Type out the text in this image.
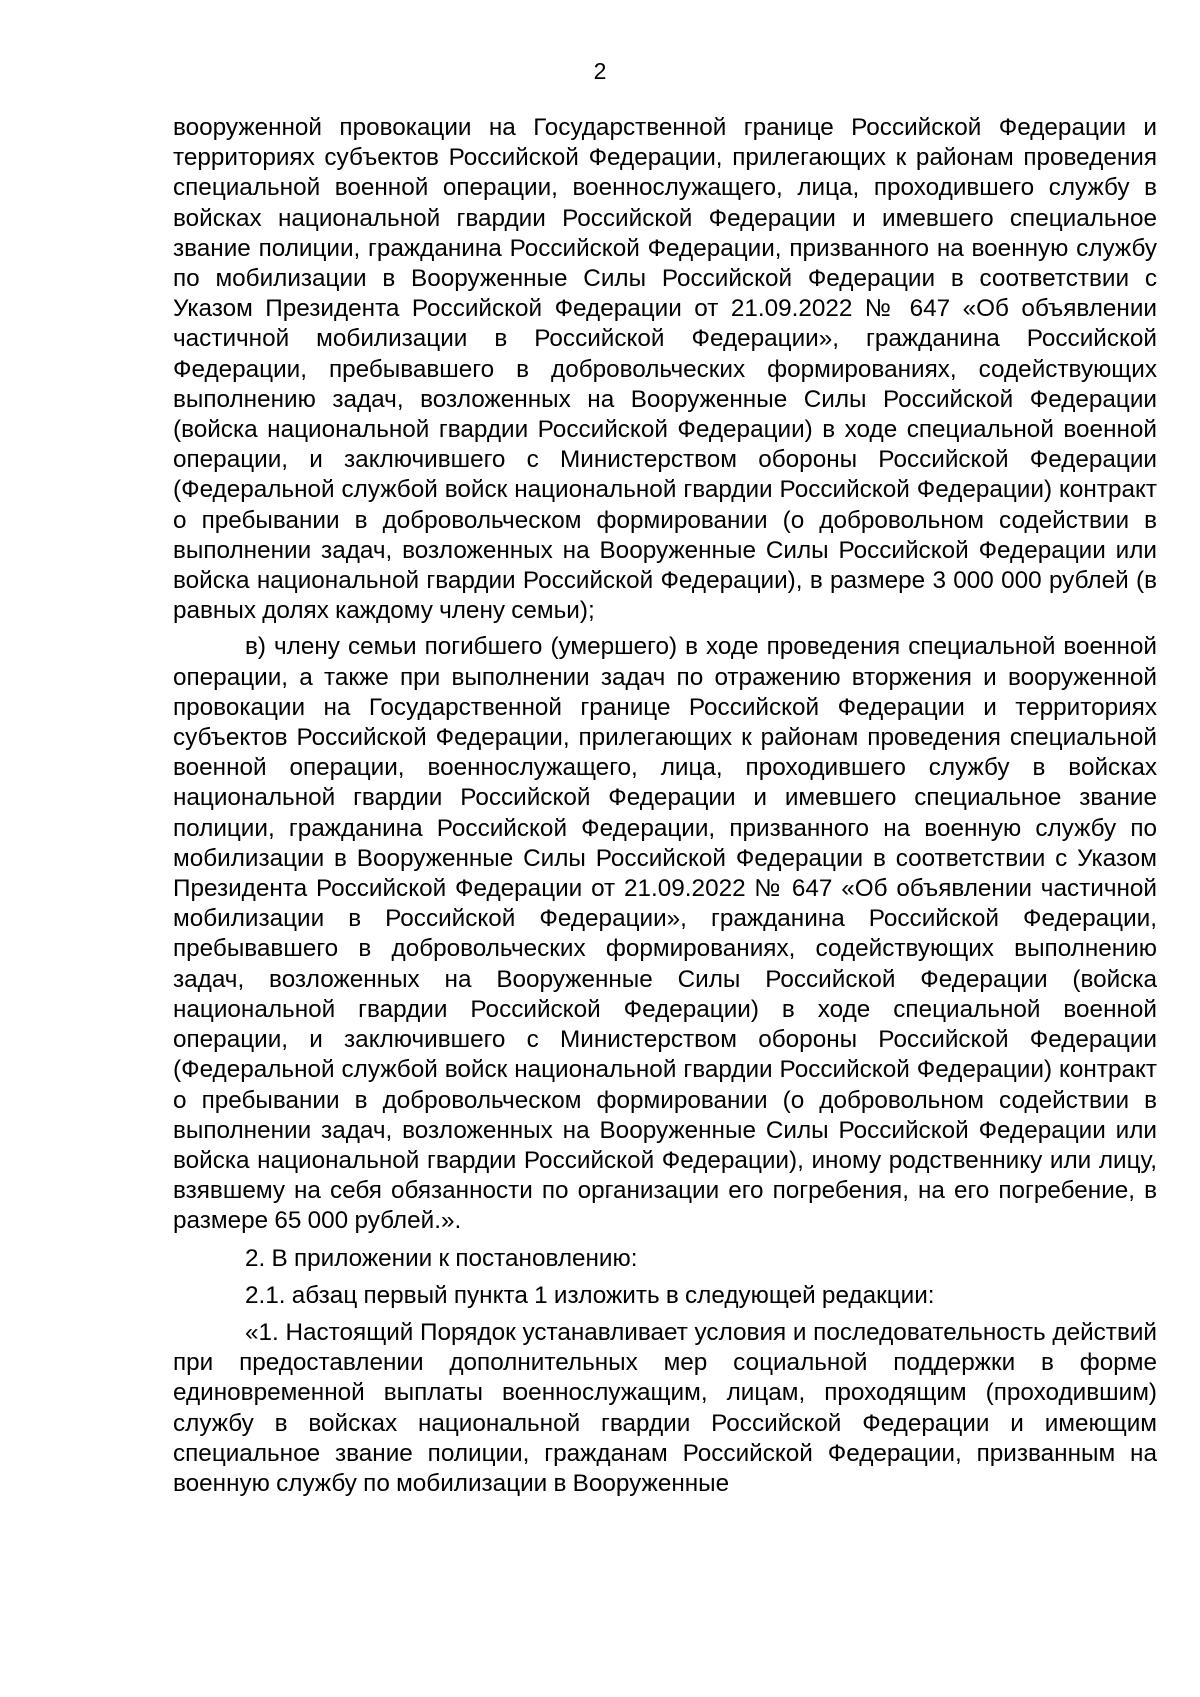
2

вооруженной провокации на Государственной границе Российской Федерации и территориях субъектов Российской Федерации, прилегающих к районам проведения специальной военной операции, военнослужащего, лица, проходившего службу в войсках национальной гвардии Российской Федерации и имевшего специальное звание полиции, гражданина Российской Федерации, призванного на военную службу по мобилизации в Вооруженные Силы Российской Федерации в соответствии с Указом Президента Российской Федерации от 21.09.2022 № 647 «Об объявлении частичной мобилизации в Российской Федерации», гражданина Российской Федерации, пребывавшего в добровольческих формированиях, содействующих выполнению задач, возложенных на Вооруженные Силы Российской Федерации (войска национальной гвардии Российской Федерации) в ходе специальной военной операции, и заключившего с Министерством обороны Российской Федерации (Федеральной службой войск национальной гвардии Российской Федерации) контракт о пребывании в добровольческом формировании (о добровольном содействии в выполнении задач, возложенных на Вооруженные Силы Российской Федерации или войска национальной гвардии Российской Федерации), в размере 3 000 000 рублей (в равных долях каждому члену семьи);

в) члену семьи погибшего (умершего) в ходе проведения специальной военной операции, а также при выполнении задач по отражению вторжения и вооруженной провокации на Государственной границе Российской Федерации и территориях субъектов Российской Федерации, прилегающих к районам проведения специальной военной операции, военнослужащего, лица, проходившего службу в войсках национальной гвардии Российской Федерации и имевшего специальное звание полиции, гражданина Российской Федерации, призванного на военную службу по мобилизации в Вооруженные Силы Российской Федерации в соответствии с Указом Президента Российской Федерации от 21.09.2022 № 647 «Об объявлении частичной мобилизации в Российской Федерации», гражданина Российской Федерации, пребывавшего в добровольческих формированиях, содействующих выполнению задач, возложенных на Вооруженные Силы Российской Федерации (войска национальной гвардии Российской Федерации) в ходе специальной военной операции, и заключившего с Министерством обороны Российской Федерации (Федеральной службой войск национальной гвардии Российской Федерации) контракт о пребывании в добровольческом формировании (о добровольном содействии в выполнении задач, возложенных на Вооруженные Силы Российской Федерации или войска национальной гвардии Российской Федерации), иному родственнику или лицу, взявшему на себя обязанности по организации его погребения, на его погребение, в размере 65 000 рублей.».

2. В приложении к постановлению:

2.1. абзац первый пункта 1 изложить в следующей редакции:

«1. Настоящий Порядок устанавливает условия и последовательность действий при предоставлении дополнительных мер социальной поддержки в форме единовременной выплаты военнослужащим, лицам, проходящим (проходившим) службу в войсках национальной гвардии Российской Федерации и имеющим специальное звание полиции, гражданам Российской Федерации, призванным на военную службу по мобилизации в Вооруженные
